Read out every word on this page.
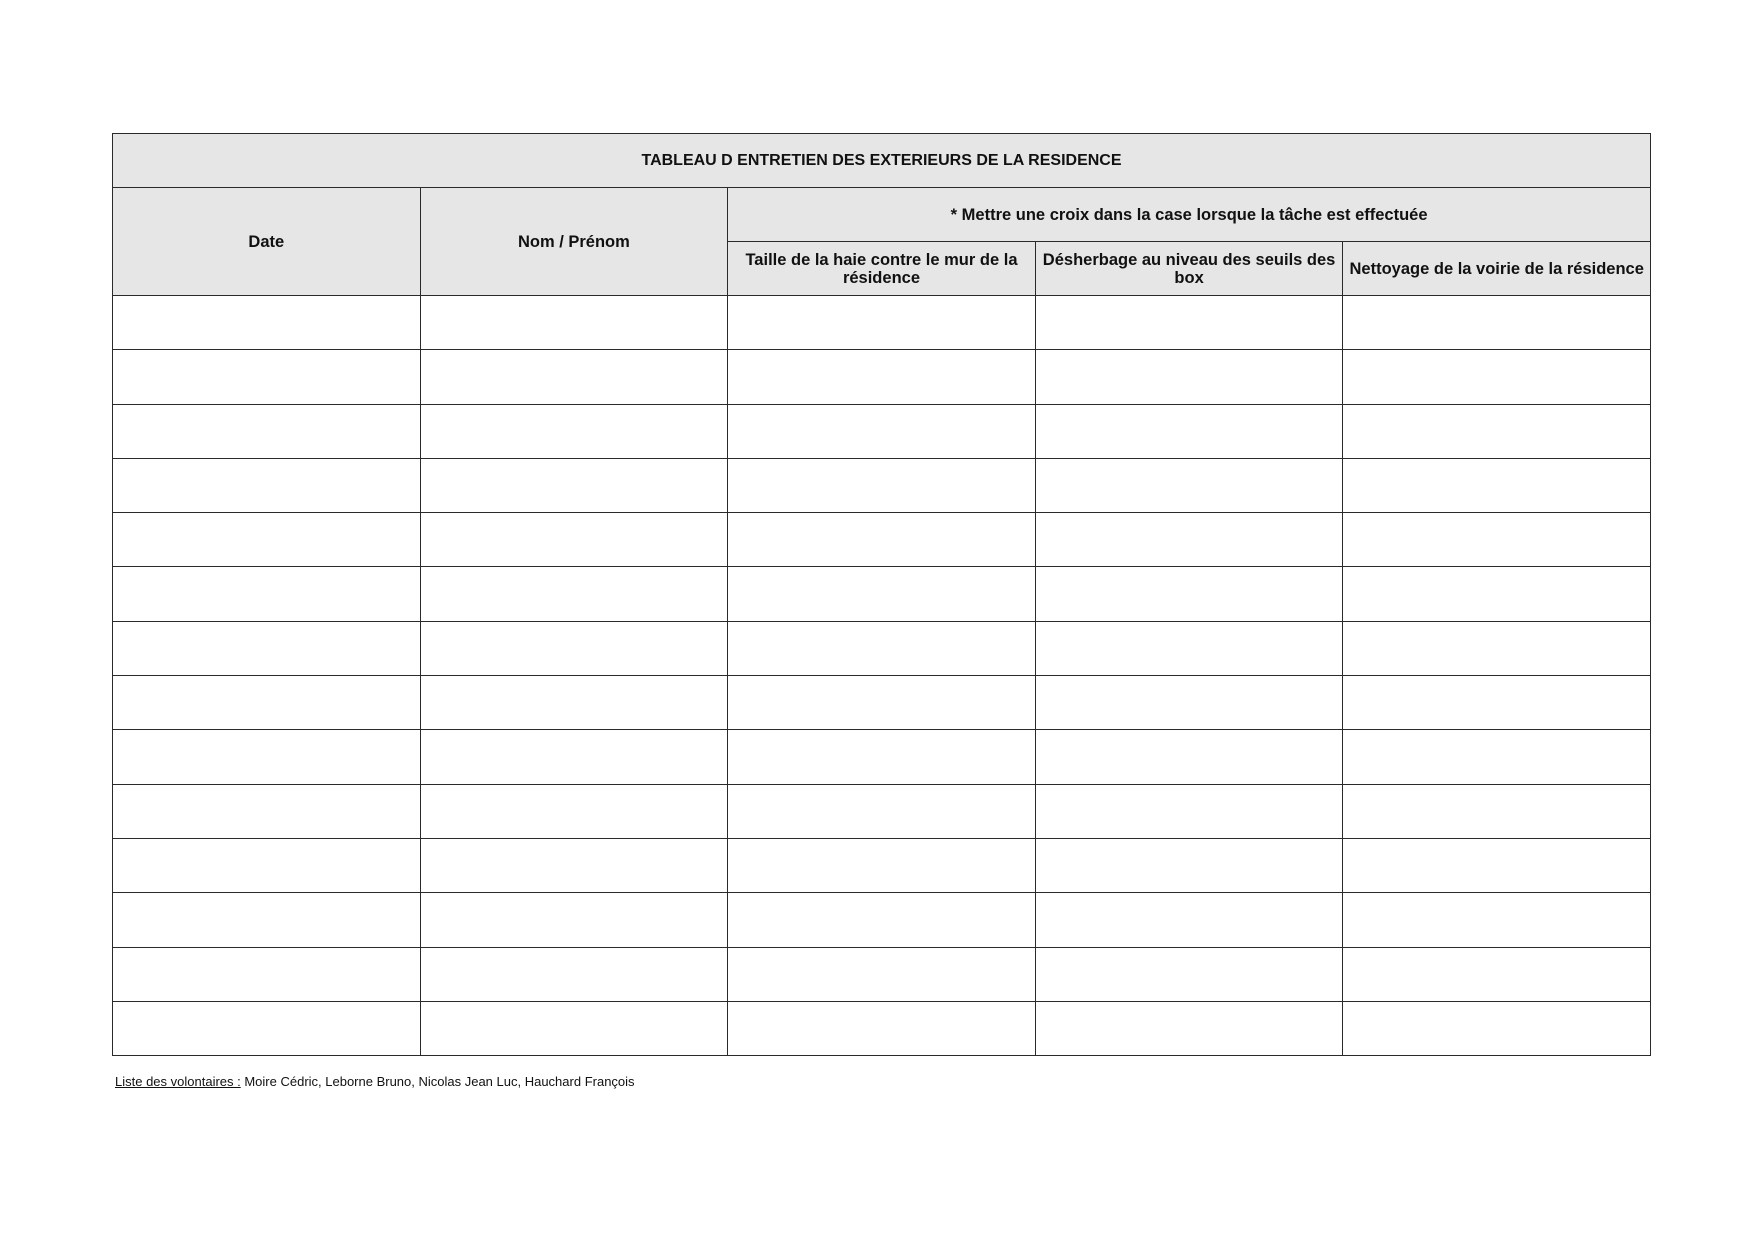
TABLEAU D ENTRETIEN DES EXTERIEURS DE LA RESIDENCE				
Date	Nom / Prénom	* Mettre une croix dans la case lorsque la tâche est effectuée		
		Taille de la haie contre le mur de la résidence	Désherbage au niveau des seuils des box	Nettoyage de la voirie de la résidence

Liste des volontaires : Moire Cédric, Leborne Bruno, Nicolas Jean Luc, Hauchard François
